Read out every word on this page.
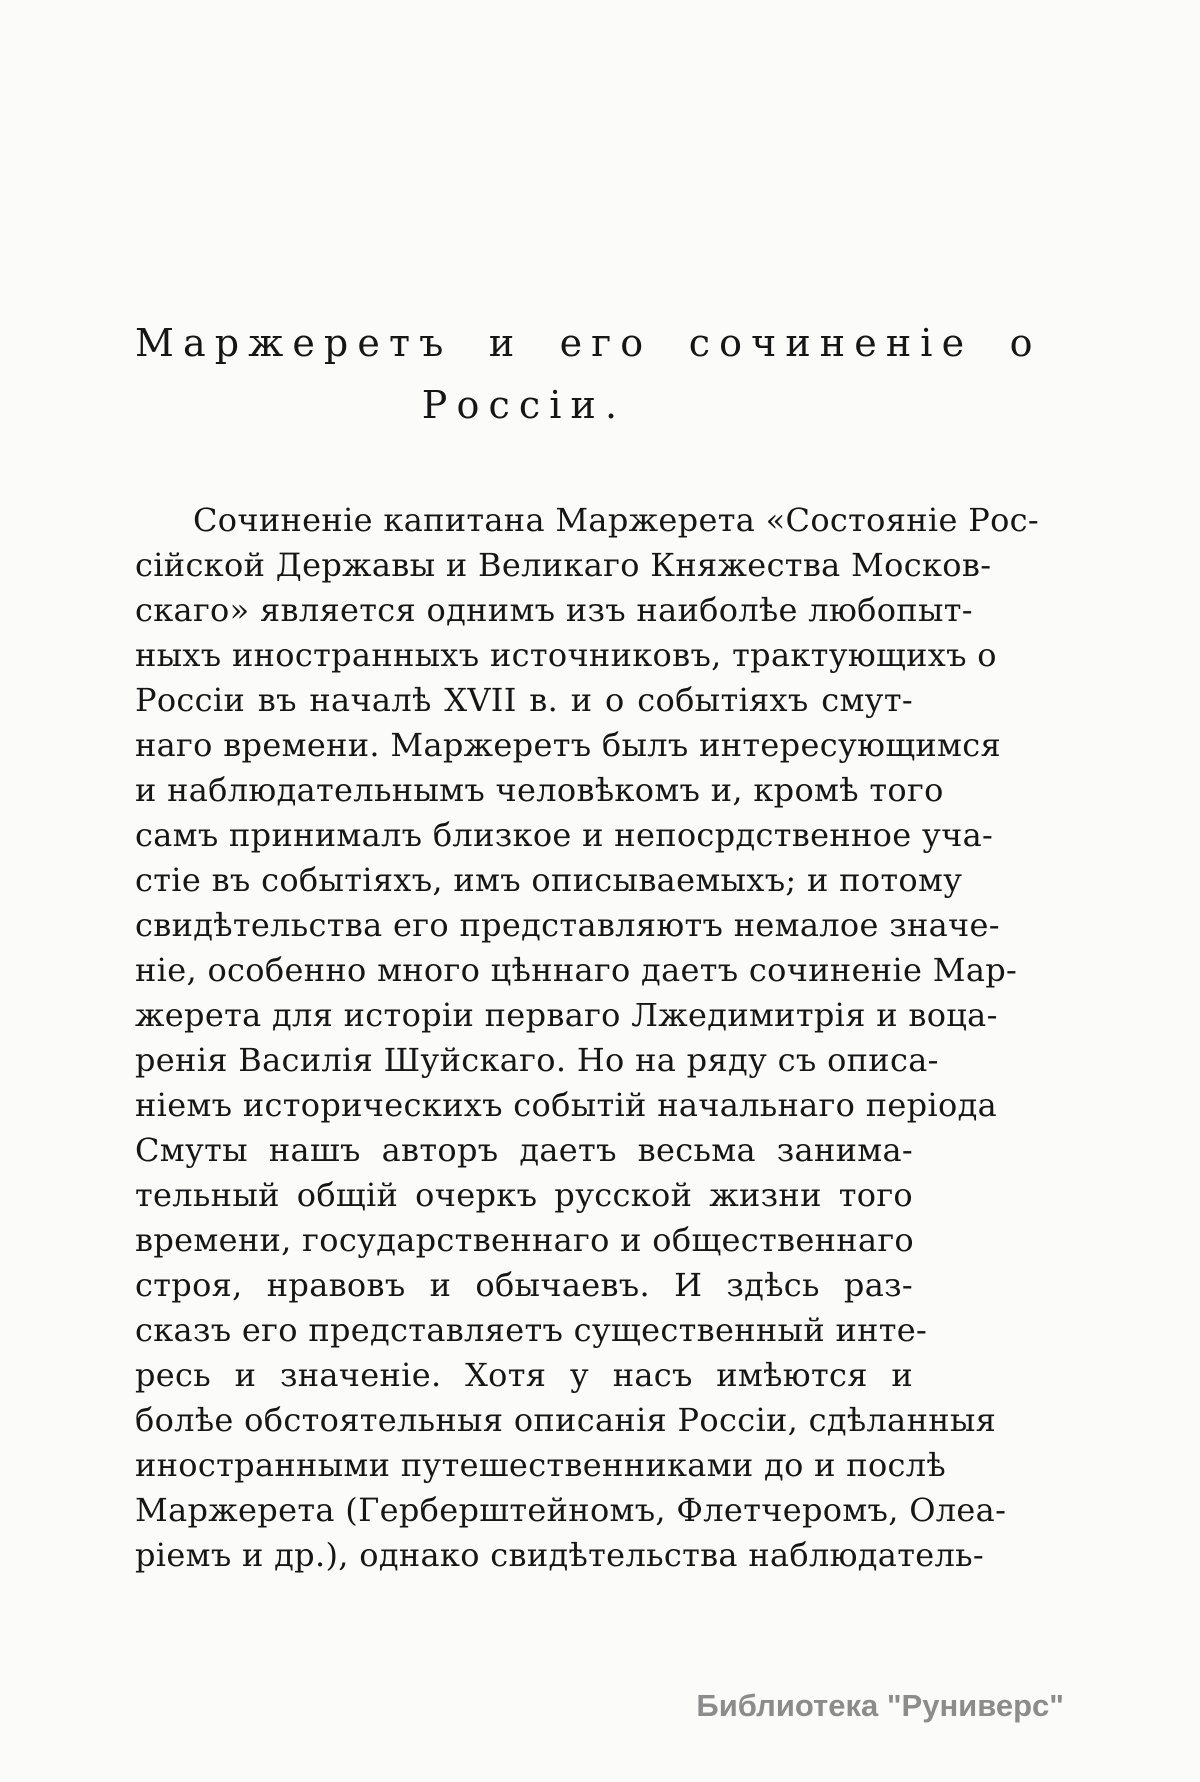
Маржеретъ и его сочиненіе о
Россіи.
Сочиненіе капитана Маржерета «Состояніе Рос-
сійской Державы и Великаго Княжества Москов-
скаго» является однимъ изъ наиболѣе любопыт-
ныхъ иностранныхъ источниковъ, трактующихъ о
Россіи въ началѣ XVII в. и о событіяхъ смут-
наго времени. Маржеретъ былъ интересующимся
и наблюдательнымъ человѣкомъ и, кромѣ того
самъ принималъ близкое и непосрдственное уча-
стіе въ событіяхъ, имъ описываемыхъ; и потому
свидѣтельства его представляютъ немалое значе-
ніе, особенно много цѣннаго даетъ сочиненіе Мар-
жерета для исторіи перваго Лжедимитрія и воца-
ренія Василія Шуйскаго. Но на ряду съ описа-
ніемъ историческихъ событій начальнаго періода
Смуты нашъ авторъ даетъ весьма занима-
тельный общій очеркъ русской жизни того
времени, государственнаго и общественнаго
строя, нравовъ и обычаевъ. И здѣсь раз-
сказъ его представляетъ существенный инте-
ресь и значеніе. Хотя у насъ имѣются и
болѣе обстоятельныя описанія Россіи, сдѣланныя
иностранными путешественниками до и послѣ
Маржерета (Герберштейномъ, Флетчеромъ, Олеа-
ріемъ и др.), однако свидѣтельства наблюдатель-
Библиотека "Руниверс"
